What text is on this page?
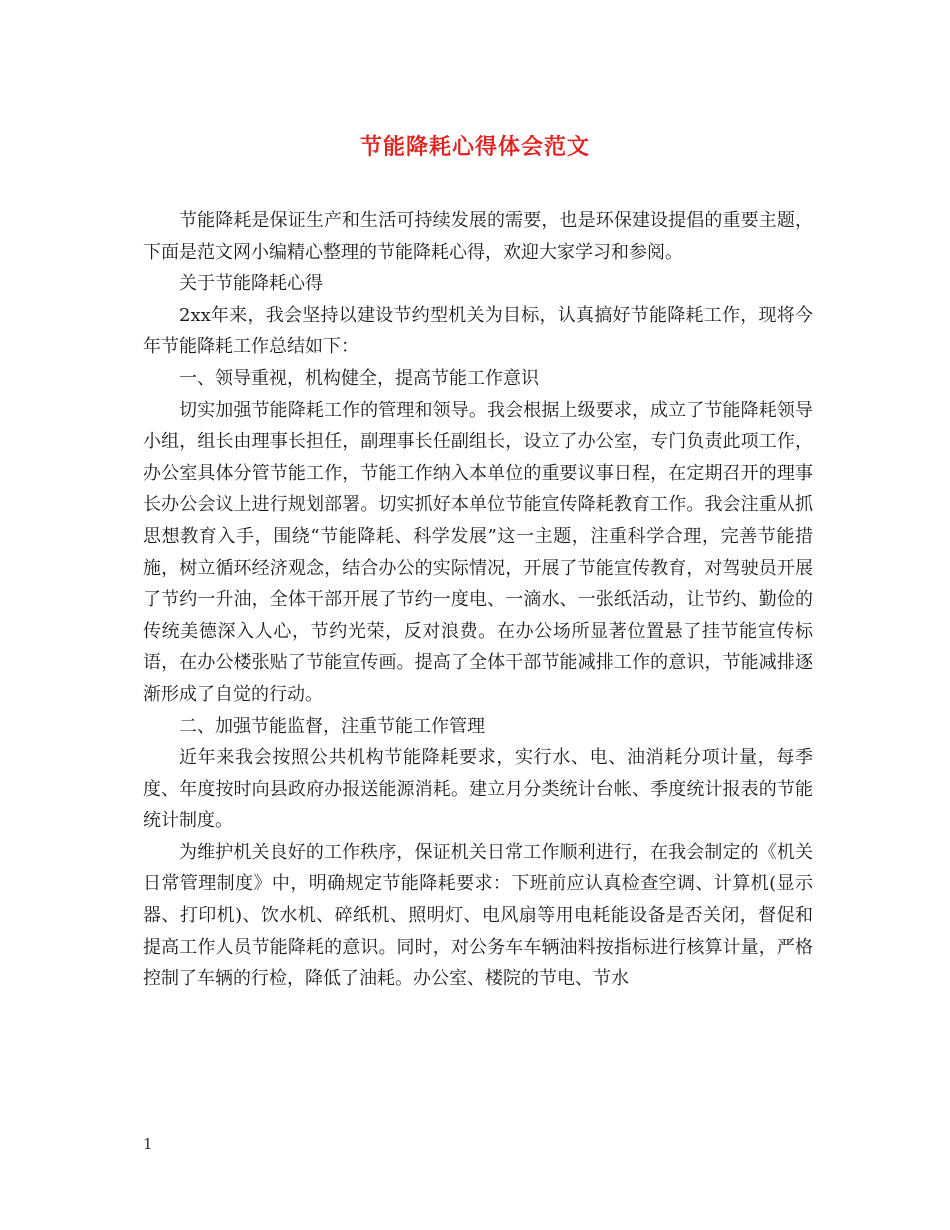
节能降耗心得体会范文

节能降耗是保证生产和生活可持续发展的需要，也是环保建设提倡的重要主题，下面是范文网小编精心整理的节能降耗心得，欢迎大家学习和参阅。

关于节能降耗心得

2xx年来，我会坚持以建设节约型机关为目标，认真搞好节能降耗工作，现将今年节能降耗工作总结如下：

一、领导重视，机构健全，提高节能工作意识

切实加强节能降耗工作的管理和领导。我会根据上级要求，成立了节能降耗领导小组，组长由理事长担任，副理事长任副组长，设立了办公室，专门负责此项工作，办公室具体分管节能工作，节能工作纳入本单位的重要议事日程，在定期召开的理事长办公会议上进行规划部署。切实抓好本单位节能宣传降耗教育工作。我会注重从抓思想教育入手，围绕“节能降耗、科学发展”这一主题，注重科学合理，完善节能措施，树立循环经济观念，结合办公的实际情况，开展了节能宣传教育，对驾驶员开展了节约一升油，全体干部开展了节约一度电、一滴水、一张纸活动，让节约、勤俭的传统美德深入人心，节约光荣，反对浪费。在办公场所显著位置悬了挂节能宣传标语，在办公楼张贴了节能宣传画。提高了全体干部节能减排工作的意识，节能减排逐渐形成了自觉的行动。

二、加强节能监督，注重节能工作管理

近年来我会按照公共机构节能降耗要求，实行水、电、油消耗分项计量，每季度、年度按时向县政府办报送能源消耗。建立月分类统计台帐、季度统计报表的节能统计制度。

为维护机关良好的工作秩序，保证机关日常工作顺利进行，在我会制定的《机关日常管理制度》中，明确规定节能降耗要求：下班前应认真检查空调、计算机(显示器、打印机)、饮水机、碎纸机、照明灯、电风扇等用电耗能设备是否关闭，督促和提高工作人员节能降耗的意识。同时，对公务车车辆油料按指标进行核算计量，严格控制了车辆的行检，降低了油耗。办公室、楼院的节电、节水

1
